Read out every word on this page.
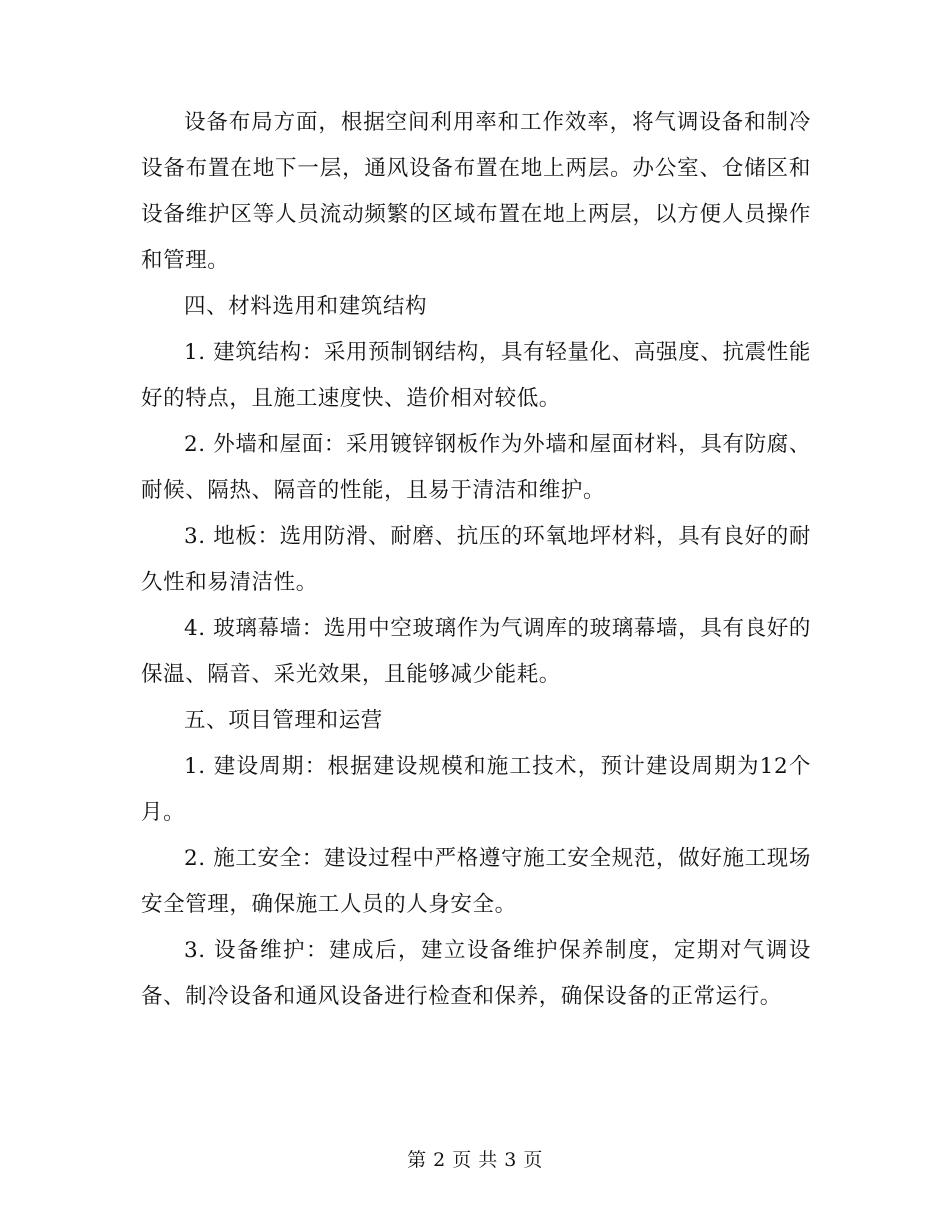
设备布局方面，根据空间利用率和工作效率，将气调设备和制冷设备布置在地下一层，通风设备布置在地上两层。办公室、仓储区和设备维护区等人员流动频繁的区域布置在地上两层，以方便人员操作和管理。

四、材料选用和建筑结构

1. 建筑结构：采用预制钢结构，具有轻量化、高强度、抗震性能好的特点，且施工速度快、造价相对较低。

2. 外墙和屋面：采用镀锌钢板作为外墙和屋面材料，具有防腐、耐候、隔热、隔音的性能，且易于清洁和维护。

3. 地板：选用防滑、耐磨、抗压的环氧地坪材料，具有良好的耐久性和易清洁性。

4. 玻璃幕墙：选用中空玻璃作为气调库的玻璃幕墙，具有良好的保温、隔音、采光效果，且能够减少能耗。

五、项目管理和运营

1. 建设周期：根据建设规模和施工技术，预计建设周期为12个月。

2. 施工安全：建设过程中严格遵守施工安全规范，做好施工现场安全管理，确保施工人员的人身安全。

3. 设备维护：建成后，建立设备维护保养制度，定期对气调设备、制冷设备和通风设备进行检查和保养，确保设备的正常运行。

第 2 页 共 3 页
